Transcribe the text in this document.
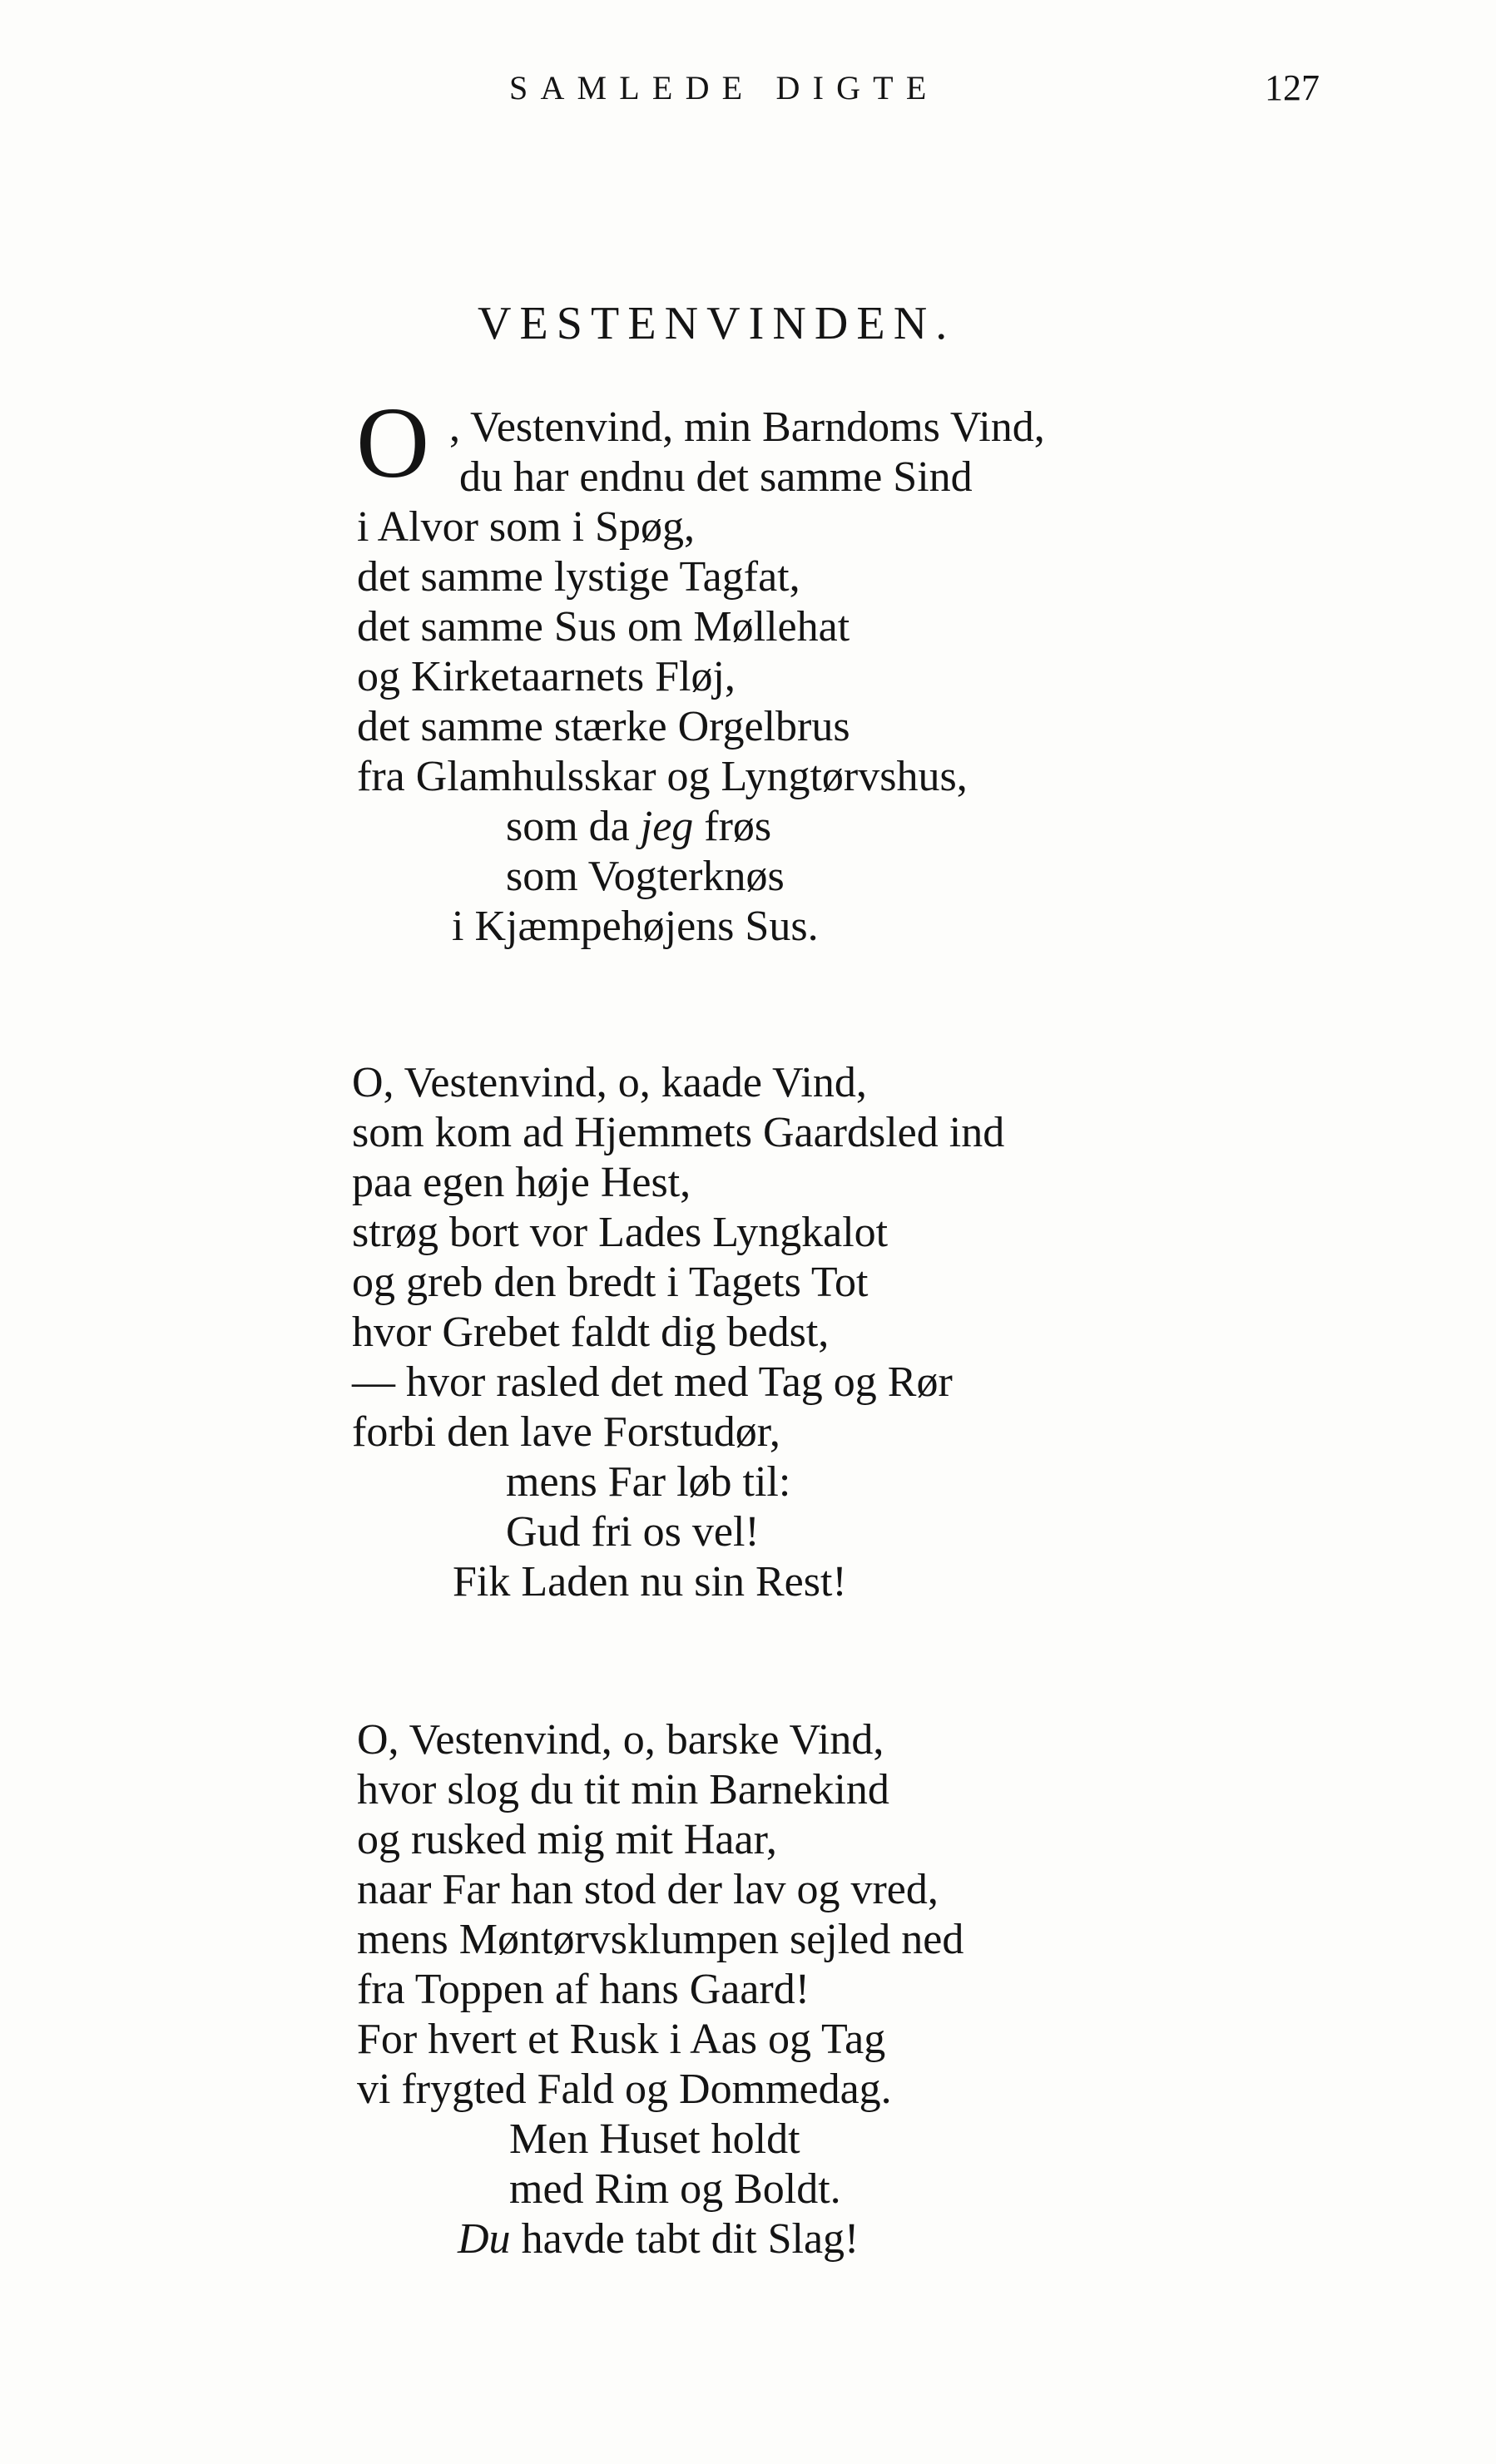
SAMLEDE DIGTE	127
VESTENVINDEN.
O , Vestenvind, min Barndoms Vind,
du har endnu det samme Sind
i Alvor som i Spøg,
det samme lystige Tagfat,
det samme Sus om Møllehat
og Kirketaarnets Fløj,
det samme stærke Orgelbrus
fra Glamhulsskar og Lyngtørvshus,
som da jeg frøs
som Vogterknøs
i Kjæmpehøjens Sus.
O, Vestenvind, o, kaade Vind,
som kom ad Hjemmets Gaardsled ind
paa egen høje Hest,
strøg bort vor Lades Lyngkalot
og greb den bredt i Tagets Tot
hvor Grebet faldt dig bedst,
— hvor rasled det med Tag og Rør
forbi den lave Forstudør,
mens Far løb til:
Gud fri os vel!
Fik Laden nu sin Rest!
O, Vestenvind, o, barske Vind,
hvor slog du tit min Barnekind
og rusked mig mit Haar,
naar Far han stod der lav og vred,
mens Møntørvsklumpen sejled ned
fra Toppen af hans Gaard!
For hvert et Rusk i Aas og Tag
vi frygted Fald og Dommedag.
Men Huset holdt
med Rim og Boldt.
Du havde tabt dit Slag!
